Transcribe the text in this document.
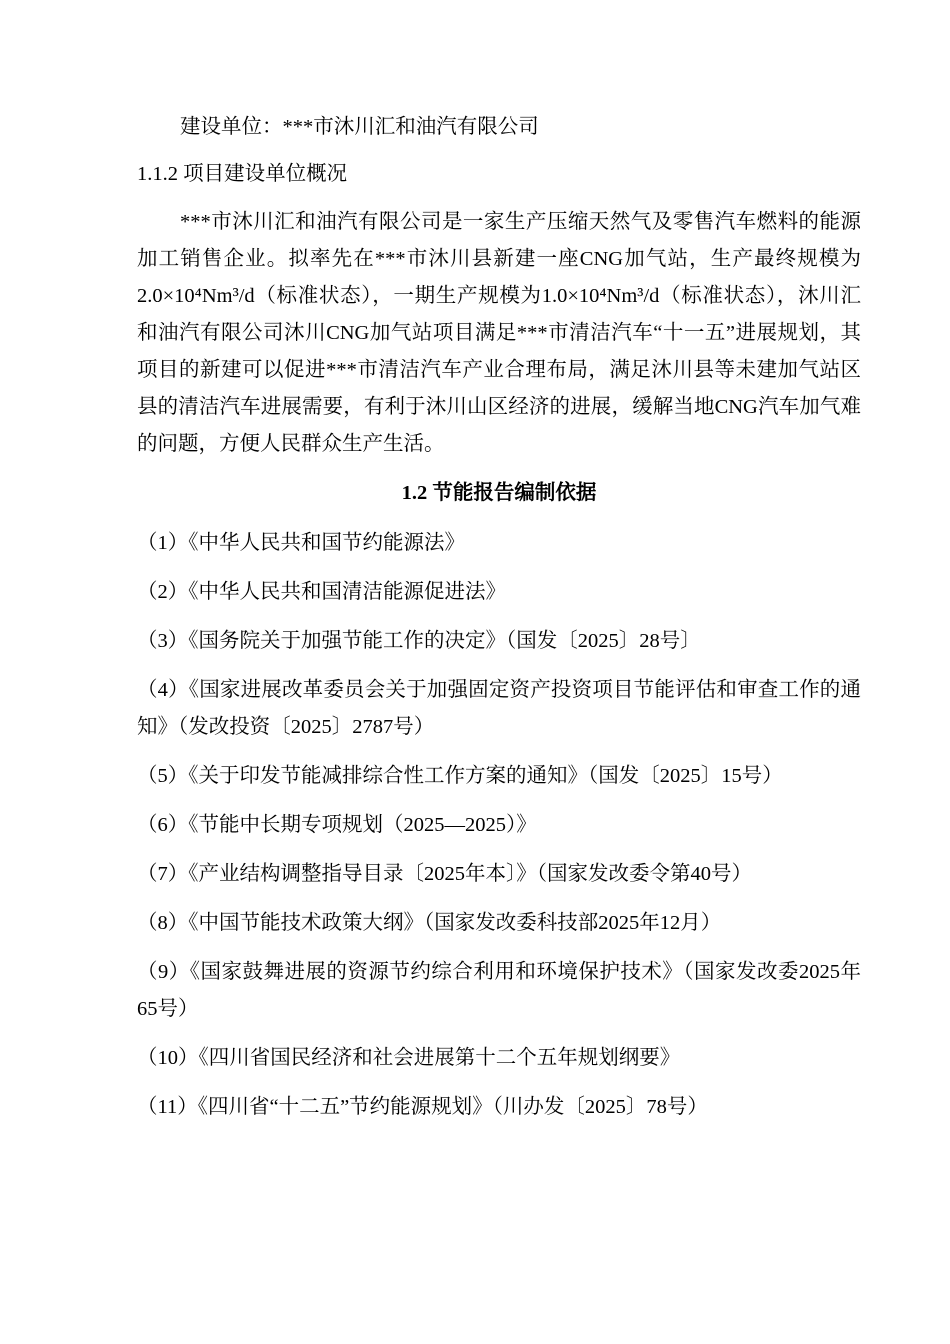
建设单位：***市沐川汇和油汽有限公司

1.1.2 项目建设单位概况

***市沐川汇和油汽有限公司是一家生产压缩天然气及零售汽车燃料的能源加工销售企业。拟率先在***市沐川县新建一座CNG加气站，生产最终规模为2.0×10⁴Nm³/d（标准状态），一期生产规模为1.0×10⁴Nm³/d（标准状态），沐川汇和油汽有限公司沐川CNG加气站项目满足***市清洁汽车“十一五”进展规划，其项目的新建可以促进***市清洁汽车产业合理布局，满足沐川县等未建加气站区县的清洁汽车进展需要，有利于沐川山区经济的进展，缓解当地CNG汽车加气难的问题，方便人民群众生产生活。

1.2 节能报告编制依据

（1）《中华人民共和国节约能源法》
（2）《中华人民共和国清洁能源促进法》
（3）《国务院关于加强节能工作的决定》（国发〔2025〕28号〕
（4）《国家进展改革委员会关于加强固定资产投资项目节能评估和审查工作的通知》（发改投资〔2025〕2787号）
（5）《关于印发节能减排综合性工作方案的通知》（国发〔2025〕15号）
（6）《节能中长期专项规划（2025—2025）》
（7）《产业结构调整指导目录〔2025年本〕》（国家发改委令第40号）
（8）《中国节能技术政策大纲》（国家发改委科技部2025年12月）
（9）《国家鼓舞进展的资源节约综合利用和环境保护技术》（国家发改委2025年65号）
（10）《四川省国民经济和社会进展第十二个五年规划纲要》
（11）《四川省“十二五”节约能源规划》（川办发〔2025〕78号）
